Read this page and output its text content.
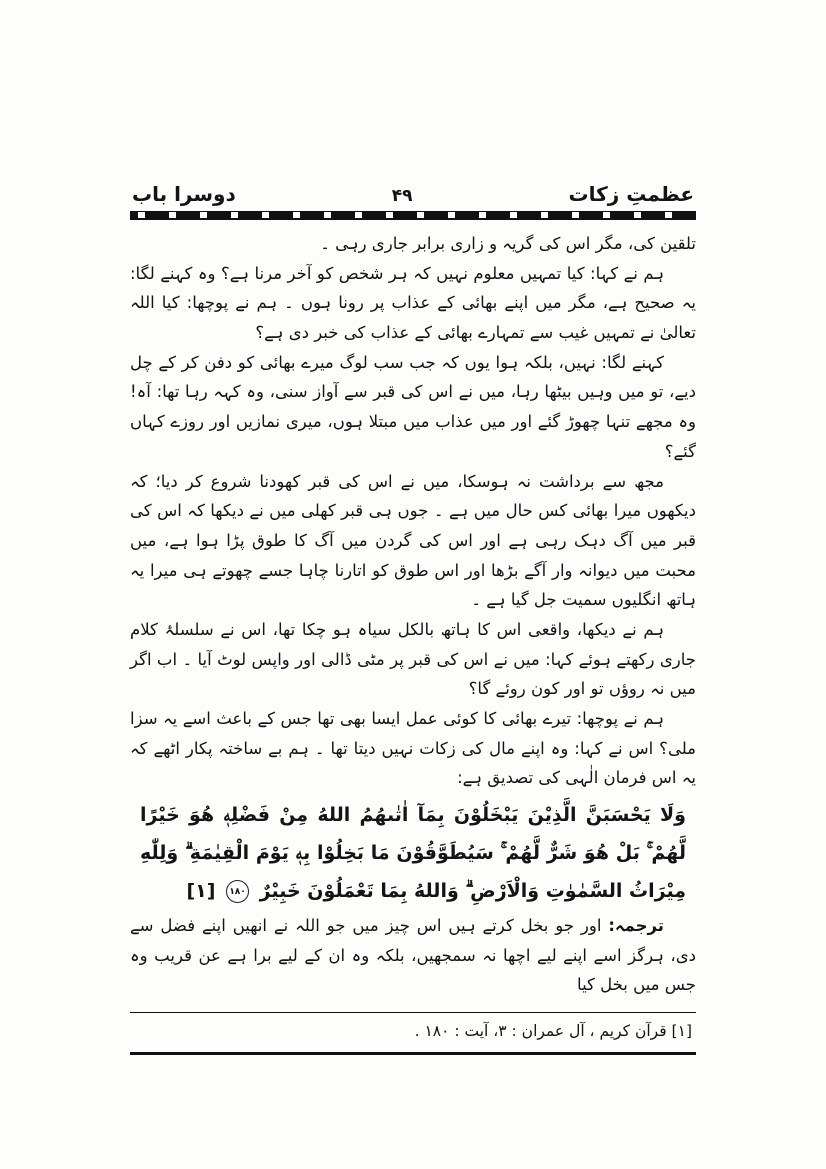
عظمتِ زکات
۴۹
دوسرا باب

تلقین کی، مگر اس کی گریہ و زاری برابر جاری رہی ۔

ہم نے کہا: کیا تمہیں معلوم نہیں کہ ہر شخص کو آخر مرنا ہے؟ وہ کہنے لگا: یہ صحیح ہے، مگر میں اپنے بھائی کے عذاب پر رونا ہوں ۔ ہم نے پوچھا: کیا اللہ تعالیٰ نے تمہیں غیب سے تمہارے بھائی کے عذاب کی خبر دی ہے؟

کہنے لگا: نہیں، بلکہ ہوا یوں کہ جب سب لوگ میرے بھائی کو دفن کر کے چل دیے، تو میں وہیں بیٹھا رہا، میں نے اس کی قبر سے آواز سنی، وہ کہہ رہا تھا: آہ! وہ مجھے تنہا چھوڑ گئے اور میں عذاب میں مبتلا ہوں، میری نمازیں اور روزے کہاں گئے؟

مجھ سے برداشت نہ ہوسکا، میں نے اس کی قبر کھودنا شروع کر دیا؛ کہ دیکھوں میرا بھائی کس حال میں ہے ۔ جوں ہی قبر کھلی میں نے دیکھا کہ اس کی قبر میں آگ دہک رہی ہے اور اس کی گردن میں آگ کا طوق پڑا ہوا ہے، میں محبت میں دیوانہ وار آگے بڑھا اور اس طوق کو اتارنا چاہا جسے چھوتے ہی میرا یہ ہاتھ انگلیوں سمیت جل گیا ہے ۔

ہم نے دیکھا، واقعی اس کا ہاتھ بالکل سیاہ ہو چکا تھا، اس نے سلسلۂ کلام جاری رکھتے ہوئے کہا: میں نے اس کی قبر پر مٹی ڈالی اور واپس لوٹ آیا ۔ اب اگر میں نہ روؤں تو اور کون روئے گا؟

ہم نے پوچھا: تیرے بھائی کا کوئی عمل ایسا بھی تھا جس کے باعث اسے یہ سزا ملی؟ اس نے کہا: وہ اپنے مال کی زکات نہیں دیتا تھا ۔ ہم بے ساختہ پکار اٹھے کہ یہ اس فرمان الٰہی کی تصدیق ہے:

وَلَا يَحْسَبَنَّ الَّذِيْنَ يَبْخَلُوْنَ بِمَآ اٰتٰىهُمُ اللهُ مِنْ فَضْلِهٖ هُوَ خَيْرًا لَّهُمْ ۚ بَلْ هُوَ شَرٌّ لَّهُمْ ۚ سَيُطَوَّقُوْنَ مَا بَخِلُوْا بِهٖ يَوْمَ الْقِيٰمَةِ ۗ وَلِلّٰهِ مِيْرَاثُ السَّمٰوٰتِ وَالْاَرْضِ ۗ وَاللهُ بِمَا تَعْمَلُوْنَ خَبِيْرٌ ۱۸۰ [۱]

ترجمہ: اور جو بخل کرتے ہیں اس چیز میں جو اللہ نے انھیں اپنے فضل سے دی، ہرگز اسے اپنے لیے اچھا نہ سمجھیں، بلکہ وہ ان کے لیے برا ہے عن قریب وہ جس میں بخل کیا

[۱] قرآن کریم ، آل عمران : ۳، آیت : ۱۸۰ .
